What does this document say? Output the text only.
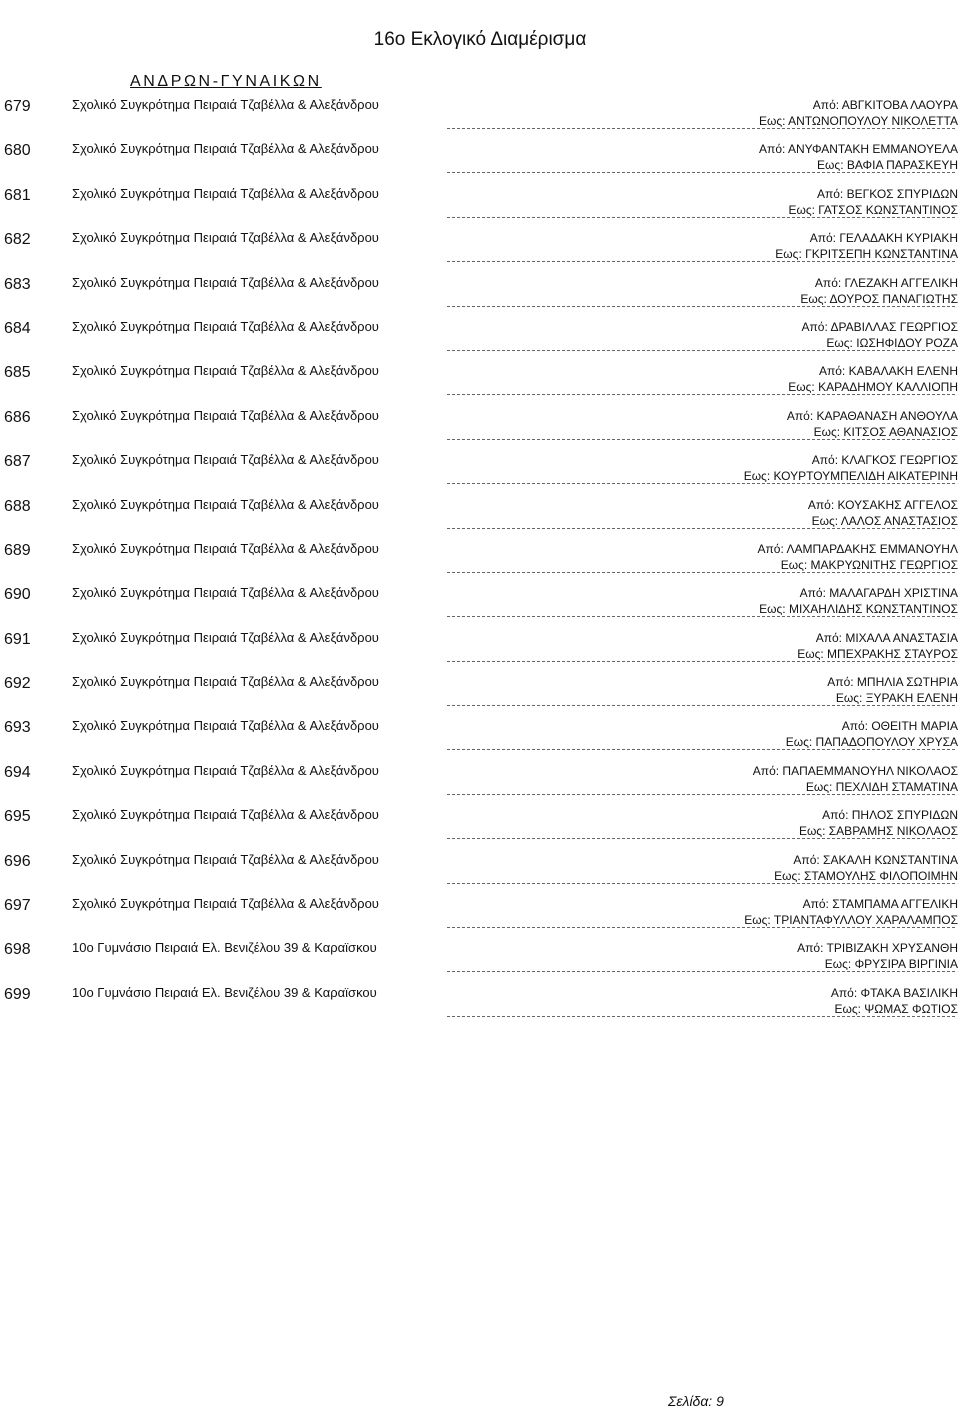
16ο Εκλογικό Διαμέρισμα
ΑΝΔΡΩΝ-ΓΥΝΑΙΚΩΝ
679	Σχολικό Συγκρότημα Πειραιά Τζαβέλλα & Αλεξάνδρου	Από: ΑΒΓΚΙΤΟΒΑ ΛΑΟΥΡΑ
Εως: ΑΝΤΩΝΟΠΟΥΛΟΥ ΝΙΚΟΛΕΤΤΑ
680	Σχολικό Συγκρότημα Πειραιά Τζαβέλλα & Αλεξάνδρου	Από: ΑΝΥΦΑΝΤΑΚΗ ΕΜΜΑΝΟΥΕΛΑ
Εως: ΒΑΦΙΑ ΠΑΡΑΣΚΕΥΗ
681	Σχολικό Συγκρότημα Πειραιά Τζαβέλλα & Αλεξάνδρου	Από: ΒΕΓΚΟΣ ΣΠΥΡΙΔΩΝ
Εως: ΓΑΤΣΟΣ ΚΩΝΣΤΑΝΤΙΝΟΣ
682	Σχολικό Συγκρότημα Πειραιά Τζαβέλλα & Αλεξάνδρου	Από: ΓΕΛΑΔΑΚΗ ΚΥΡΙΑΚΗ
Εως: ΓΚΡΙΤΣΕΠΗ ΚΩΝΣΤΑΝΤΙΝΑ
683	Σχολικό Συγκρότημα Πειραιά Τζαβέλλα & Αλεξάνδρου	Από: ΓΛΕΖΑΚΗ ΑΓΓΕΛΙΚΗ
Εως: ΔΟΥΡΟΣ ΠΑΝΑΓΙΩΤΗΣ
684	Σχολικό Συγκρότημα Πειραιά Τζαβέλλα & Αλεξάνδρου	Από: ΔΡΑΒΙΛΛΑΣ ΓΕΩΡΓΙΟΣ
Εως: ΙΩΣΗΦΙΔΟΥ ΡΟΖΑ
685	Σχολικό Συγκρότημα Πειραιά Τζαβέλλα & Αλεξάνδρου	Από: ΚΑΒΑΛΑΚΗ ΕΛΕΝΗ
Εως: ΚΑΡΑΔΗΜΟΥ ΚΑΛΛΙΟΠΗ
686	Σχολικό Συγκρότημα Πειραιά Τζαβέλλα & Αλεξάνδρου	Από: ΚΑΡΑΘΑΝΑΣΗ ΑΝΘΟΥΛΑ
Εως: ΚΙΤΣΟΣ ΑΘΑΝΑΣΙΟΣ
687	Σχολικό Συγκρότημα Πειραιά Τζαβέλλα & Αλεξάνδρου	Από: ΚΛΑΓΚΟΣ ΓΕΩΡΓΙΟΣ
Εως: ΚΟΥΡΤΟΥΜΠΕΛΙΔΗ ΑΙΚΑΤΕΡΙΝΗ
688	Σχολικό Συγκρότημα Πειραιά Τζαβέλλα & Αλεξάνδρου	Από: ΚΟΥΣΑΚΗΣ ΑΓΓΕΛΟΣ
Εως: ΛΑΛΟΣ ΑΝΑΣΤΑΣΙΟΣ
689	Σχολικό Συγκρότημα Πειραιά Τζαβέλλα & Αλεξάνδρου	Από: ΛΑΜΠΑΡΔΑΚΗΣ ΕΜΜΑΝΟΥΗΛ
Εως: ΜΑΚΡΥΩΝΙΤΗΣ ΓΕΩΡΓΙΟΣ
690	Σχολικό Συγκρότημα Πειραιά Τζαβέλλα & Αλεξάνδρου	Από: ΜΑΛΑΓΑΡΔΗ ΧΡΙΣΤΙΝΑ
Εως: ΜΙΧΑΗΛΙΔΗΣ ΚΩΝΣΤΑΝΤΙΝΟΣ
691	Σχολικό Συγκρότημα Πειραιά Τζαβέλλα & Αλεξάνδρου	Από: ΜΙΧΑΛΑ ΑΝΑΣΤΑΣΙΑ
Εως: ΜΠΕΧΡΑΚΗΣ ΣΤΑΥΡΟΣ
692	Σχολικό Συγκρότημα Πειραιά Τζαβέλλα & Αλεξάνδρου	Από: ΜΠΗΛΙΑ ΣΩΤΗΡΙΑ
Εως: ΞΥΡΑΚΗ ΕΛΕΝΗ
693	Σχολικό Συγκρότημα Πειραιά Τζαβέλλα & Αλεξάνδρου	Από: ΟΘΕΙΤΗ ΜΑΡΙΑ
Εως: ΠΑΠΑΔΟΠΟΥΛΟΥ ΧΡΥΣΑ
694	Σχολικό Συγκρότημα Πειραιά Τζαβέλλα & Αλεξάνδρου	Από: ΠΑΠΑΕΜΜΑΝΟΥΗΛ ΝΙΚΟΛΑΟΣ
Εως: ΠΕΧΛΙΔΗ ΣΤΑΜΑΤΙΝΑ
695	Σχολικό Συγκρότημα Πειραιά Τζαβέλλα & Αλεξάνδρου	Από: ΠΗΛΟΣ ΣΠΥΡΙΔΩΝ
Εως: ΣΑΒΡΑΜΗΣ ΝΙΚΟΛΑΟΣ
696	Σχολικό Συγκρότημα Πειραιά Τζαβέλλα & Αλεξάνδρου	Από: ΣΑΚΑΛΗ ΚΩΝΣΤΑΝΤΙΝΑ
Εως: ΣΤΑΜΟΥΛΗΣ ΦΙΛΟΠΟΙΜΗΝ
697	Σχολικό Συγκρότημα Πειραιά Τζαβέλλα & Αλεξάνδρου	Από: ΣΤΑΜΠΑΜΑ ΑΓΓΕΛΙΚΗ
Εως: ΤΡΙΑΝΤΑΦΥΛΛΟΥ ΧΑΡΑΛΑΜΠΟΣ
698	10ο Γυμνάσιο Πειραιά Ελ. Βενιζέλου 39 & Καραϊσκου	Από: ΤΡΙΒΙΖΑΚΗ ΧΡΥΣΑΝΘΗ
Εως: ΦΡΥΣΙΡΑ ΒΙΡΓΙΝΙΑ
699	10ο Γυμνάσιο Πειραιά Ελ. Βενιζέλου 39 & Καραϊσκου	Από: ΦΤΑΚΑ ΒΑΣΙΛΙΚΗ
Εως: ΨΩΜΑΣ ΦΩΤΙΟΣ
Σελίδα: 9
